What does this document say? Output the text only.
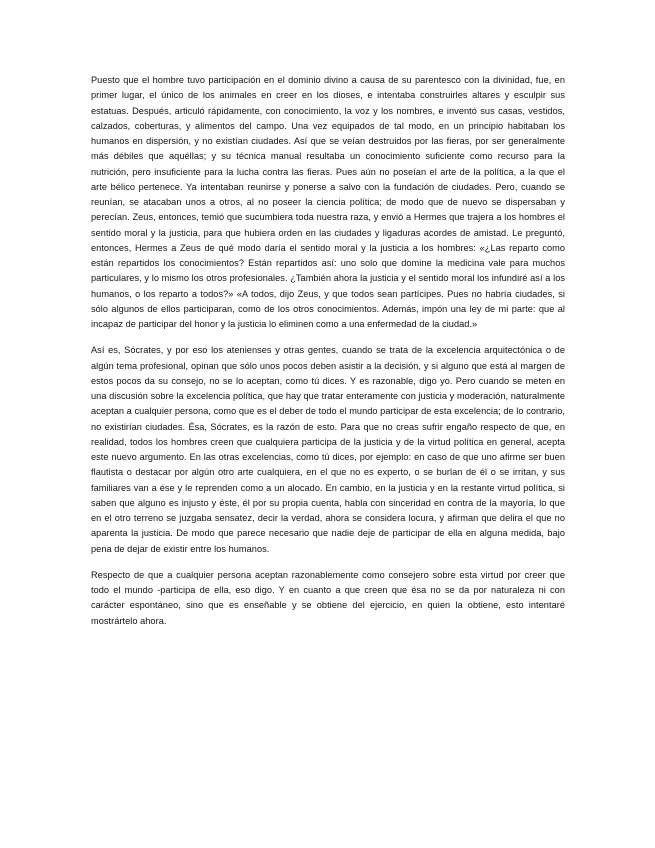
Puesto que el hombre tuvo participación en el dominio divino a causa de su parentesco con la divinidad, fue, en primer lugar, el único de los animales en creer en los dioses, e intentaba construirles altares y esculpir sus estatuas. Después, articuló rápidamente, con conocimiento, la voz y los nombres, e inventó sus casas, vestidos, calzados, coberturas, y alimentos del campo. Una vez equipados de tal modo, en un principio habitaban los humanos en dispersión, y no existían ciudades. Así que se veían destruidos por las fieras, por ser generalmente más débiles que aquéllas; y su técnica manual resultaba un conocimiento suficiente como recurso para la nutrición, pero insuficiente para la lucha contra las fieras. Pues aún no poseían el arte de la política, a la que el arte bélico pertenece. Ya intentaban reunirse y ponerse a salvo con la fundación de ciudades. Pero, cuando se reunían, se atacaban unos a otros, al no poseer la ciencia política; de modo que de nuevo se dispersaban y perecían. Zeus, entonces, temió que sucumbiera toda nuestra raza, y envió a Hermes que trajera a los hombres el sentido moral y la justicia, para que hubiera orden en las ciudades y ligaduras acordes de amistad. Le preguntó, entonces, Hermes a Zeus de qué modo daría el sentido moral y la justicia a los hombres: «¿Las reparto como están repartidos los conocimientos? Están repartidos así: uno solo que domine la medicina vale para muchos particulares, y lo mismo los otros profesionales. ¿También ahora la justicia y el sentido moral los infundiré así a los humanos, o los reparto a todos?» «A todos, dijo Zeus, y que todos sean partícipes. Pues no habría ciudades, si sólo algunos de ellos participaran, como de los otros conocimientos. Además, impón una ley de mi parte: que al incapaz de participar del honor y la justicia lo eliminen como a una enfermedad de la ciudad.»

Así es, Sócrates, y por eso los atenienses y otras gentes, cuando se trata de la excelencia arquitectónica o de algún tema profesional, opinan que sólo unos pocos deben asistir a la decisión, y si alguno que está al margen de estos pocos da su consejo, no se lo aceptan, como tú dices. Y es razonable, digo yo. Pero cuando se meten en una discusión sobre la excelencia política, que hay que tratar enteramente con justicia y moderación, naturalmente aceptan a cualquier persona, como que es el deber de todo el mundo participar de esta excelencia; de lo contrario, no existirían ciudades. Ésa, Sócrates, es la razón de esto. Para que no creas sufrir engaño respecto de que, en realidad, todos los hombres creen que cualquiera participa de la justicia y de la virtud política en general, acepta este nuevo argumento. En las otras excelencias, como tú dices, por ejemplo: en caso de que uno afirme ser buen flautista o destacar por algún otro arte cualquiera, en el que no es experto, o se burlan de él o se irritan, y sus familiares van a ése y le reprenden como a un alocado. En cambio, en la justicia y en la restante virtud política, si saben que alguno es injusto y éste, él por su propia cuenta, habla con sinceridad en contra de la mayoría, lo que en el otro terreno se juzgaba sensatez, decir la verdad, ahora se considera locura, y afirman que delira el que no aparenta la justicia. De modo que parece necesario que nadie deje de participar de ella en alguna medida, bajo pena de dejar de existir entre los humanos.

Respecto de que a cualquier persona aceptan razonablemente como consejero sobre esta virtud por creer que todo el mundo -participa de ella, eso digo. Y en cuanto a que creen que ésa no se da por naturaleza ni con carácter espontáneo, sino que es enseñable y se obtiene del ejercicio, en quien la obtiene, esto intentaré mostrártelo ahora.
